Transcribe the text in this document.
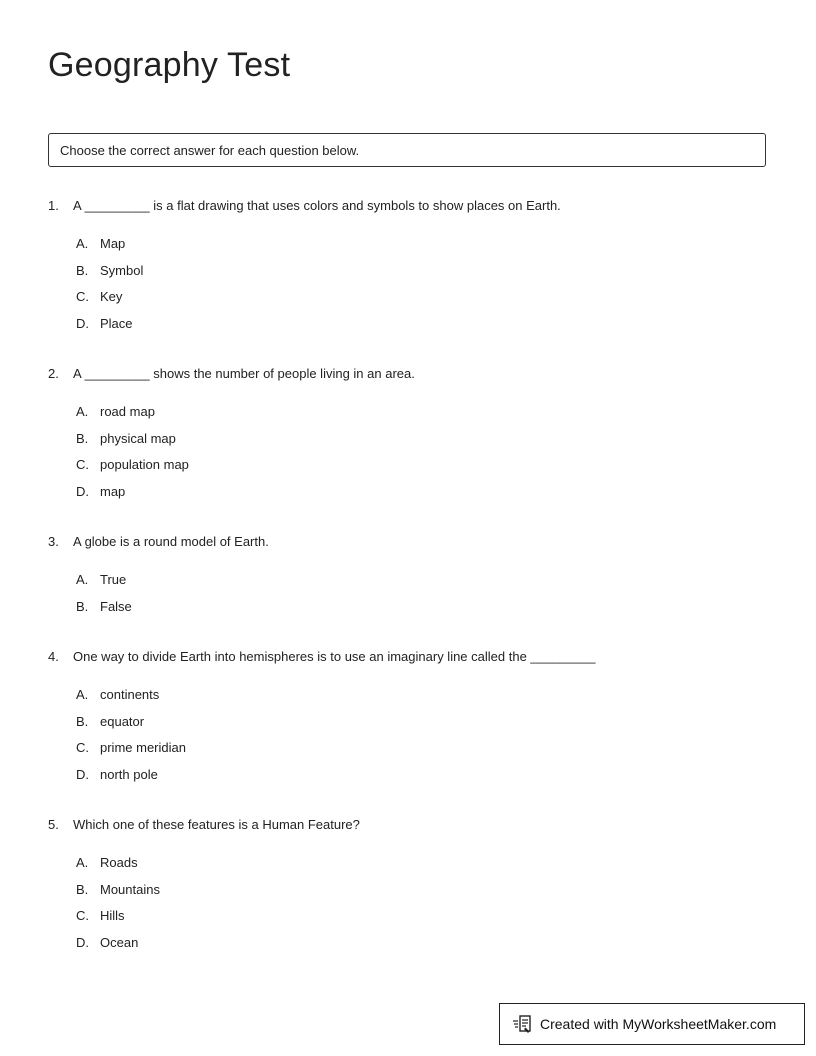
Geography Test
Choose the correct answer for each question below.
1.	A _________ is a flat drawing that uses colors and symbols to show places on Earth.
A. Map
B. Symbol
C. Key
D. Place
2.	A _________ shows the number of people living in an area.
A. road map
B. physical map
C. population map
D. map
3.	A globe is a round model of Earth.
A. True
B. False
4.	One way to divide Earth into hemispheres is to use an imaginary line called the _________
A. continents
B. equator
C. prime meridian
D. north pole
5.	Which one of these features is a Human Feature?
A. Roads
B. Mountains
C. Hills
D. Ocean
Created with MyWorksheetMaker.com
